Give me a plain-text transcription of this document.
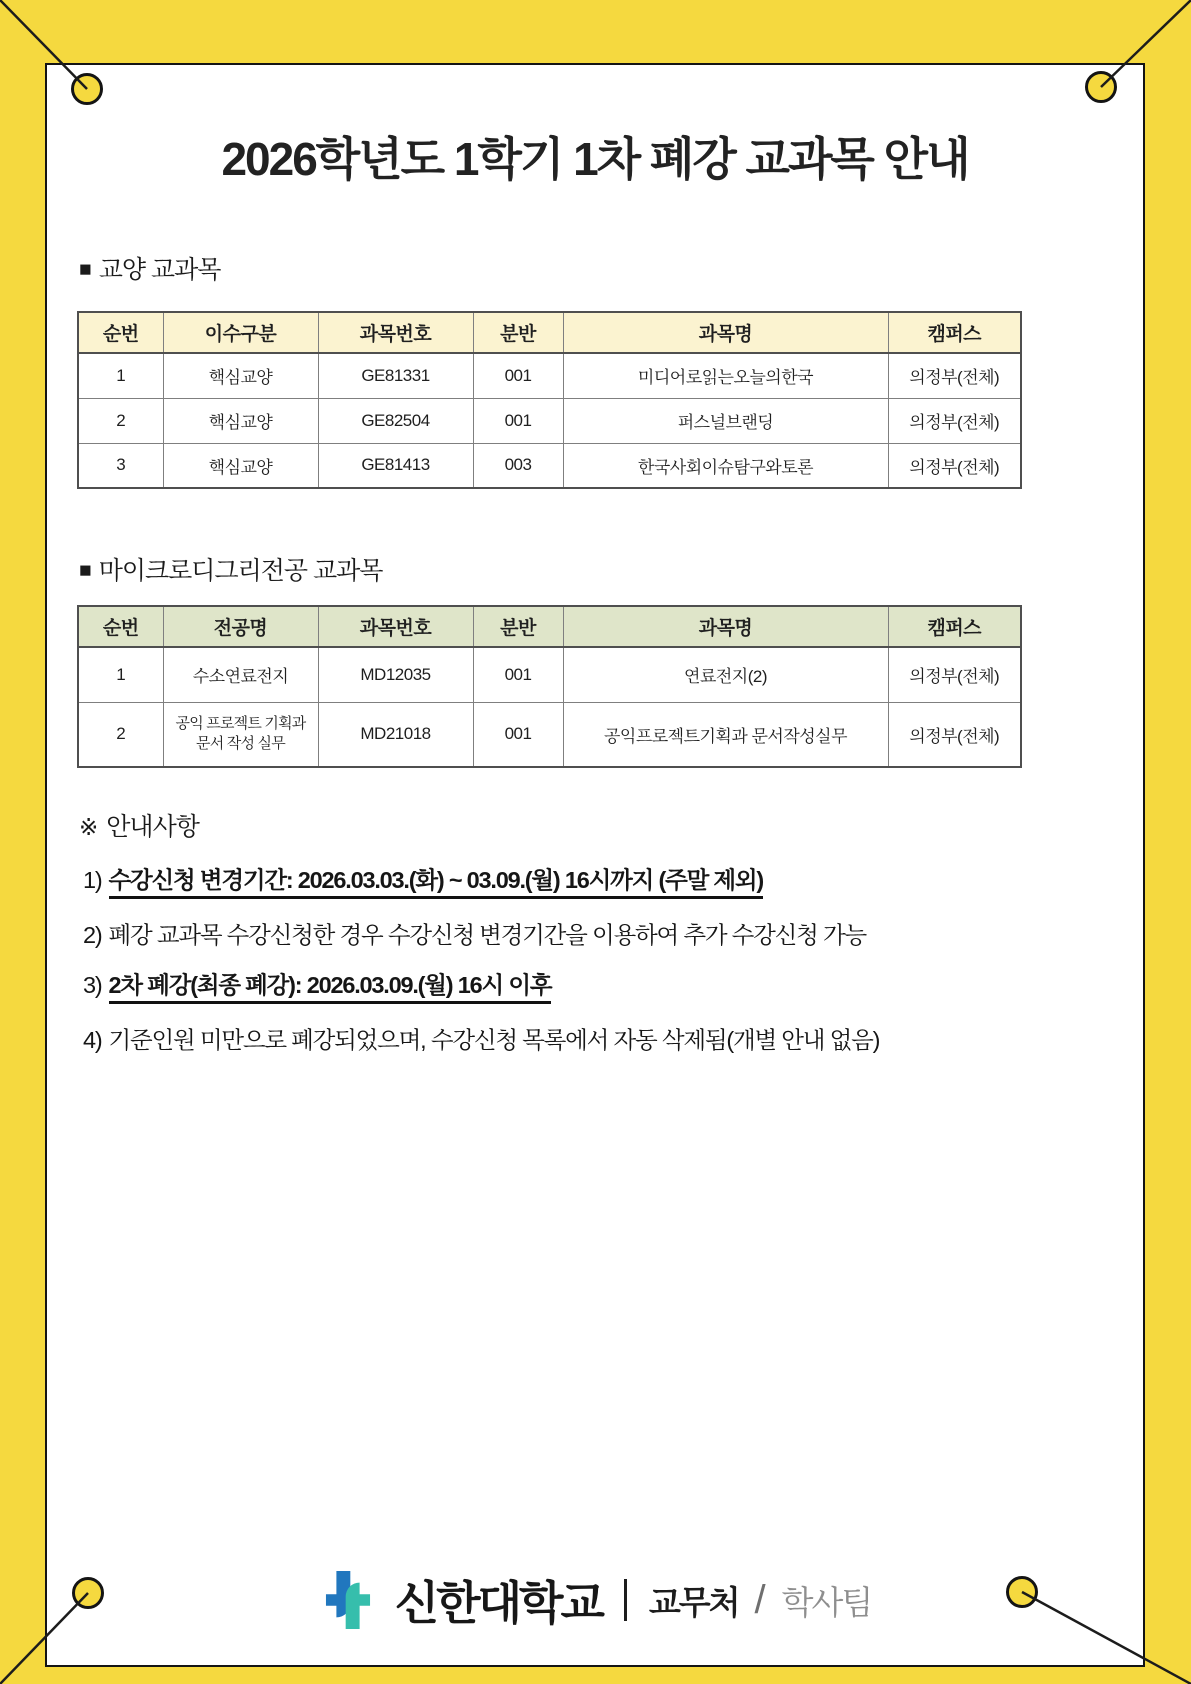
2026학년도 1학기 1차 폐강 교과목 안내
■ 교양 교과목
순번	이수구분	과목번호	분반	과목명	캠퍼스
1	핵심교양	GE81331	001	미디어로읽는오늘의한국	의정부(전체)
2	핵심교양	GE82504	001	퍼스널브랜딩	의정부(전체)
3	핵심교양	GE81413	003	한국사회이슈탐구와토론	의정부(전체)
■ 마이크로디그리전공 교과목
순번	전공명	과목번호	분반	과목명	캠퍼스
1	수소연료전지	MD12035	001	연료전지(2)	의정부(전체)
2	공익 프로젝트 기획과 문서 작성 실무	MD21018	001	공익프로젝트기획과 문서작성실무	의정부(전체)
※ 안내사항
1) 수강신청 변경기간: 2026.03.03.(화) ~ 03.09.(월) 16시까지 (주말 제외)
2) 폐강 교과목 수강신청한 경우 수강신청 변경기간을 이용하여 추가 수강신청 가능
3) 2차 폐강(최종 폐강): 2026.03.09.(월) 16시 이후
4) 기준인원 미만으로 폐강되었으며, 수강신청 목록에서 자동 삭제됨(개별 안내 없음)
신한대학교 교무처 / 학사팀
